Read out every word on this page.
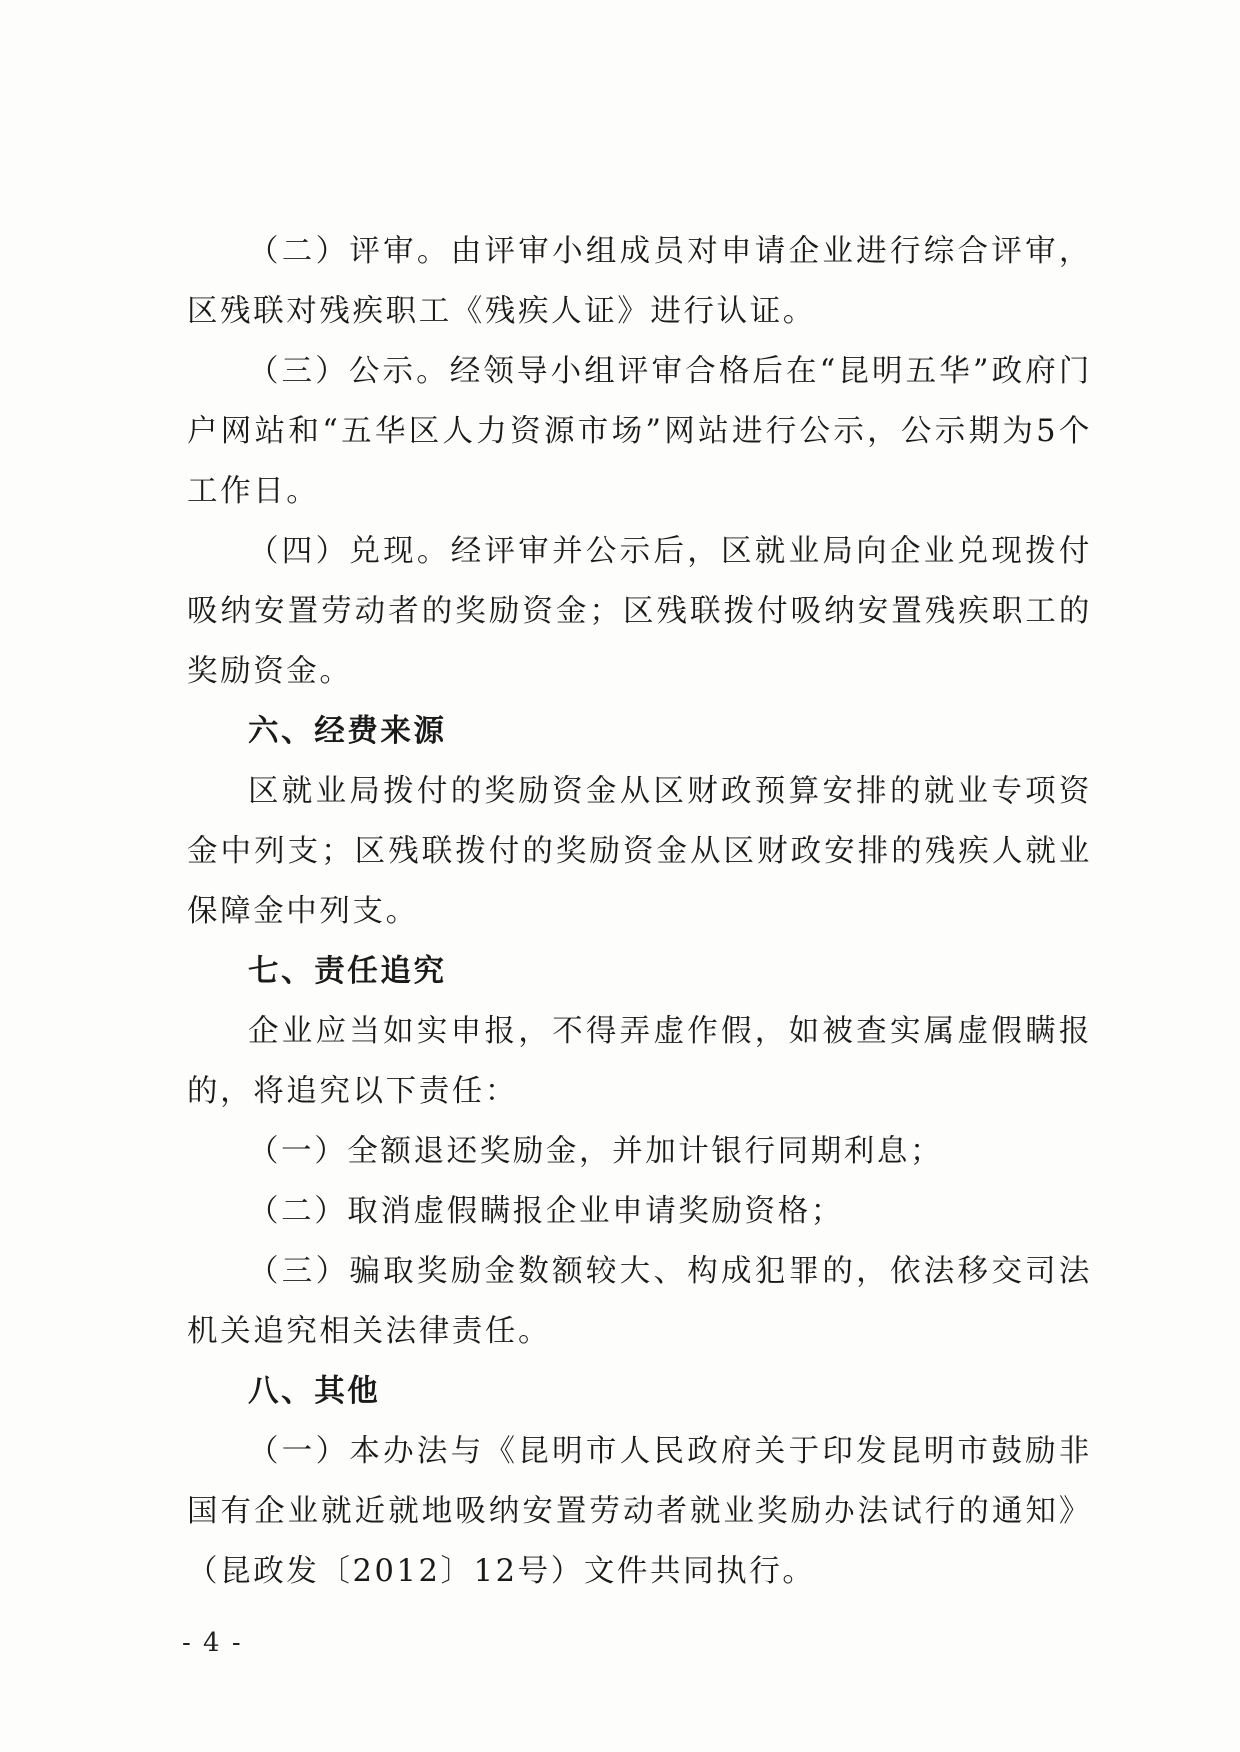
（二）评审。由评审小组成员对申请企业进行综合评审，区残联对残疾职工《残疾人证》进行认证。

（三）公示。经领导小组评审合格后在“昆明五华”政府门户网站和“五华区人力资源市场”网站进行公示，公示期为5个工作日。

（四）兑现。经评审并公示后，区就业局向企业兑现拨付吸纳安置劳动者的奖励资金；区残联拨付吸纳安置残疾职工的奖励资金。

六、经费来源

区就业局拨付的奖励资金从区财政预算安排的就业专项资金中列支；区残联拨付的奖励资金从区财政安排的残疾人就业保障金中列支。

七、责任追究

企业应当如实申报，不得弄虚作假，如被查实属虚假瞒报的，将追究以下责任：

（一）全额退还奖励金，并加计银行同期利息；

（二）取消虚假瞒报企业申请奖励资格；

（三）骗取奖励金数额较大、构成犯罪的，依法移交司法机关追究相关法律责任。

八、其他

（一）本办法与《昆明市人民政府关于印发昆明市鼓励非国有企业就近就地吸纳安置劳动者就业奖励办法试行的通知》（昆政发〔2012〕12号）文件共同执行。

- 4 -
